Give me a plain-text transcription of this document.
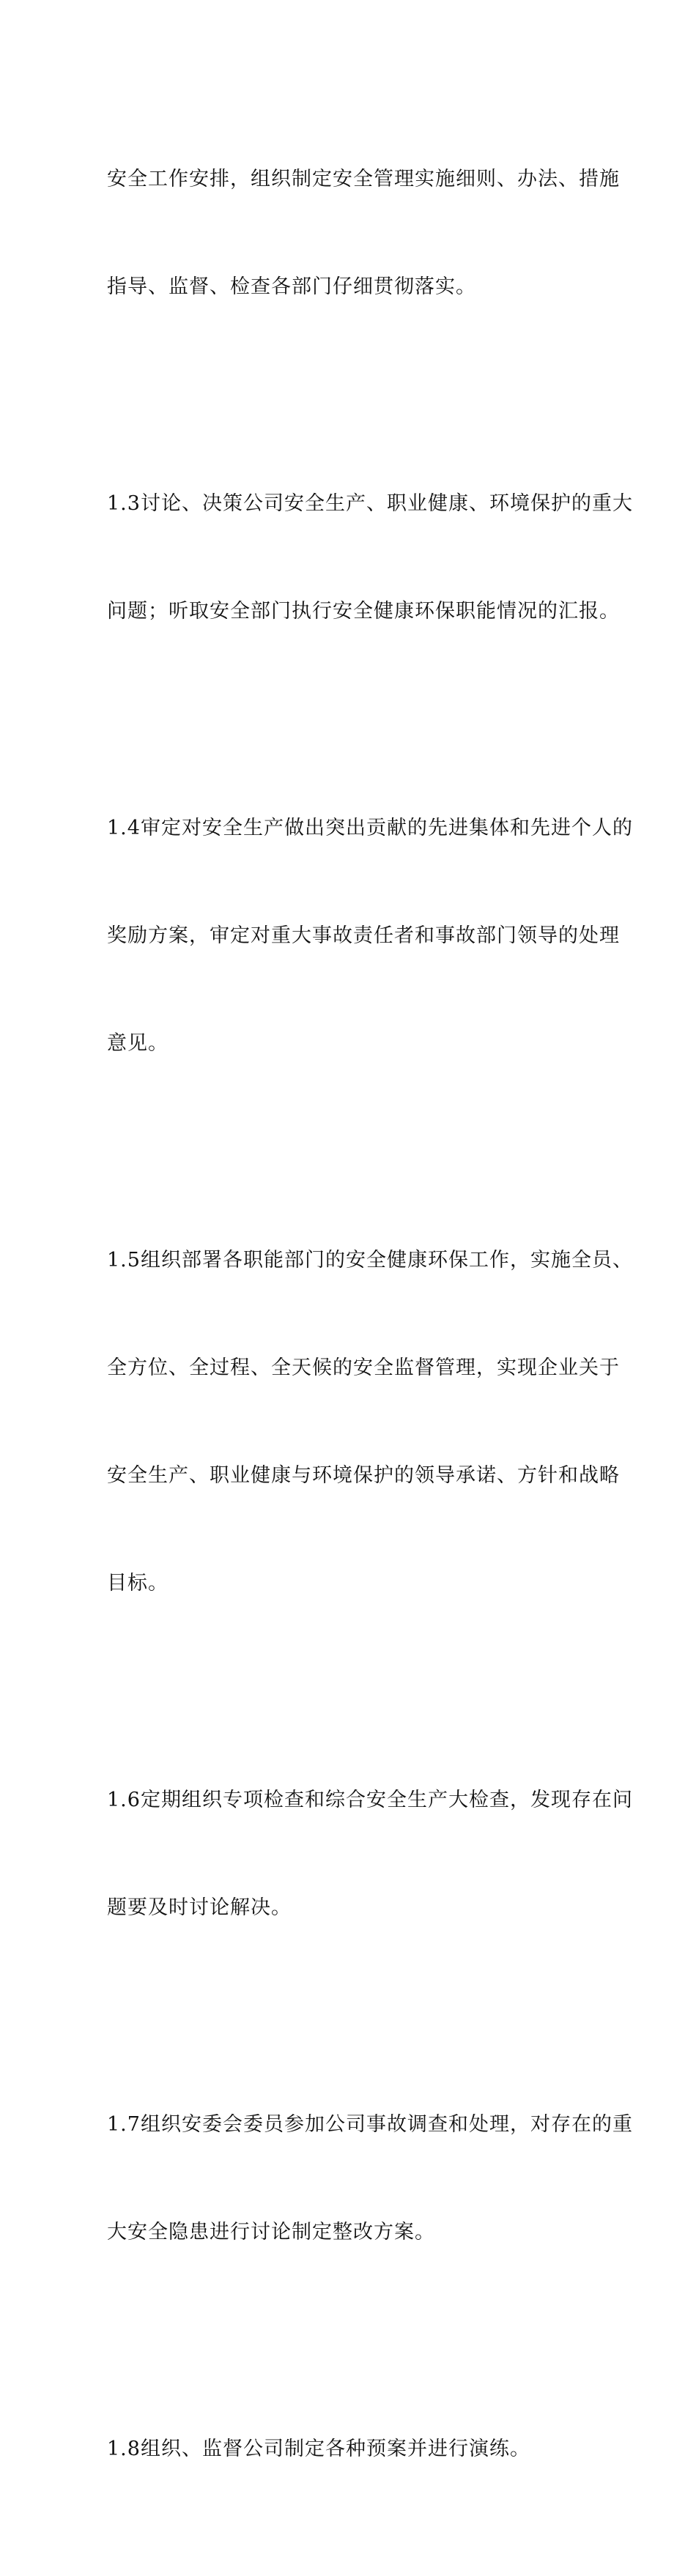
安全工作安排，组织制定安全管理实施细则、办法、措施

指导、监督、检查各部门仔细贯彻落实。

1.3讨论、决策公司安全生产、职业健康、环境保护的重大

问题；听取安全部门执行安全健康环保职能情况的汇报。

1.4审定对安全生产做出突出贡献的先进集体和先进个人的

奖励方案，审定对重大事故责任者和事故部门领导的处理

意见。

1.5组织部署各职能部门的安全健康环保工作，实施全员、

全方位、全过程、全天候的安全监督管理，实现企业关于

安全生产、职业健康与环境保护的领导承诺、方针和战略

目标。

1.6定期组织专项检查和综合安全生产大检查，发现存在问

题要及时讨论解决。

1.7组织安委会委员参加公司事故调查和处理，对存在的重

大安全隐患进行讨论制定整改方案。

1.8组织、监督公司制定各种预案并进行演练。
